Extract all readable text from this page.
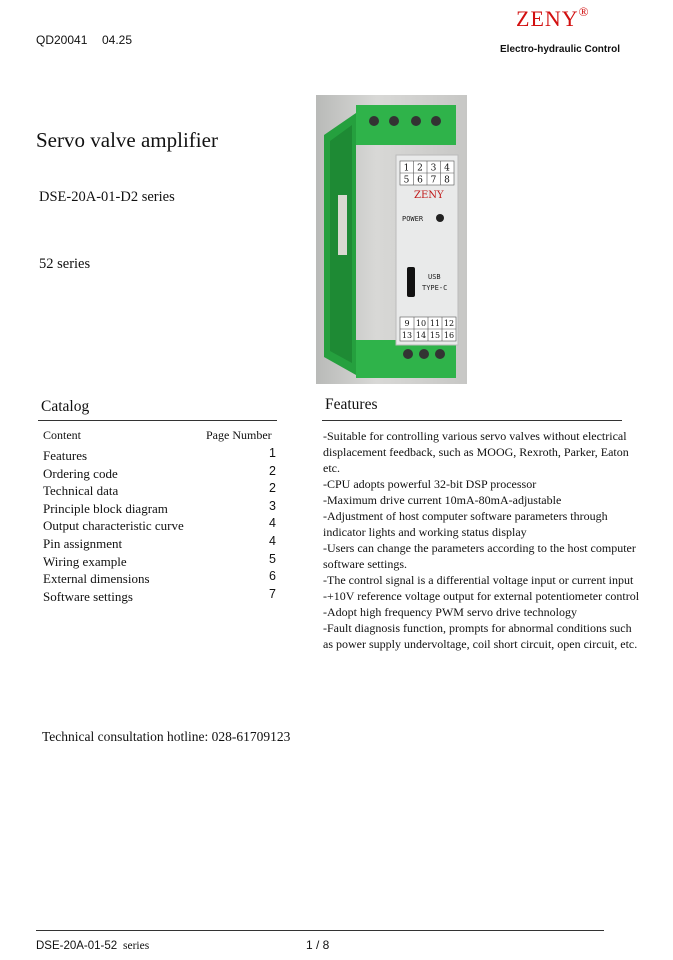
QD20041 04.25
ZENY®
Electro-hydraulic Control
Servo valve amplifier
DSE-20A-01-D2 series
52 series
1 2 3 4
5 6 7 8
ZENY
POWER
USB
TYPE-C
9 10 11 12
13 14 15 16
Catalog
Content	Page Number
Features	1
Ordering code	2
Technical data	2
Principle block diagram	3
Output characteristic curve	4
Pin assignment	4
Wiring example	5
External dimensions	6
Software settings	7
Features
-Suitable for controlling various servo valves without electrical
displacement feedback, such as MOOG, Rexroth, Parker, Eaton
etc.
-CPU adopts powerful 32-bit DSP processor
-Maximum drive current 10mA-80mA-adjustable
-Adjustment of host computer software parameters through
indicator lights and working status display
-Users can change the parameters according to the host computer
software settings.
-The control signal is a differential voltage input or current input
-+10V reference voltage output for external potentiometer control
-Adopt high frequency PWM servo drive technology
-Fault diagnosis function, prompts for abnormal conditions such
as power supply undervoltage, coil short circuit, open circuit, etc.
Technical consultation hotline: 028-61709123
DSE-20A-01-52 series	1 / 8
